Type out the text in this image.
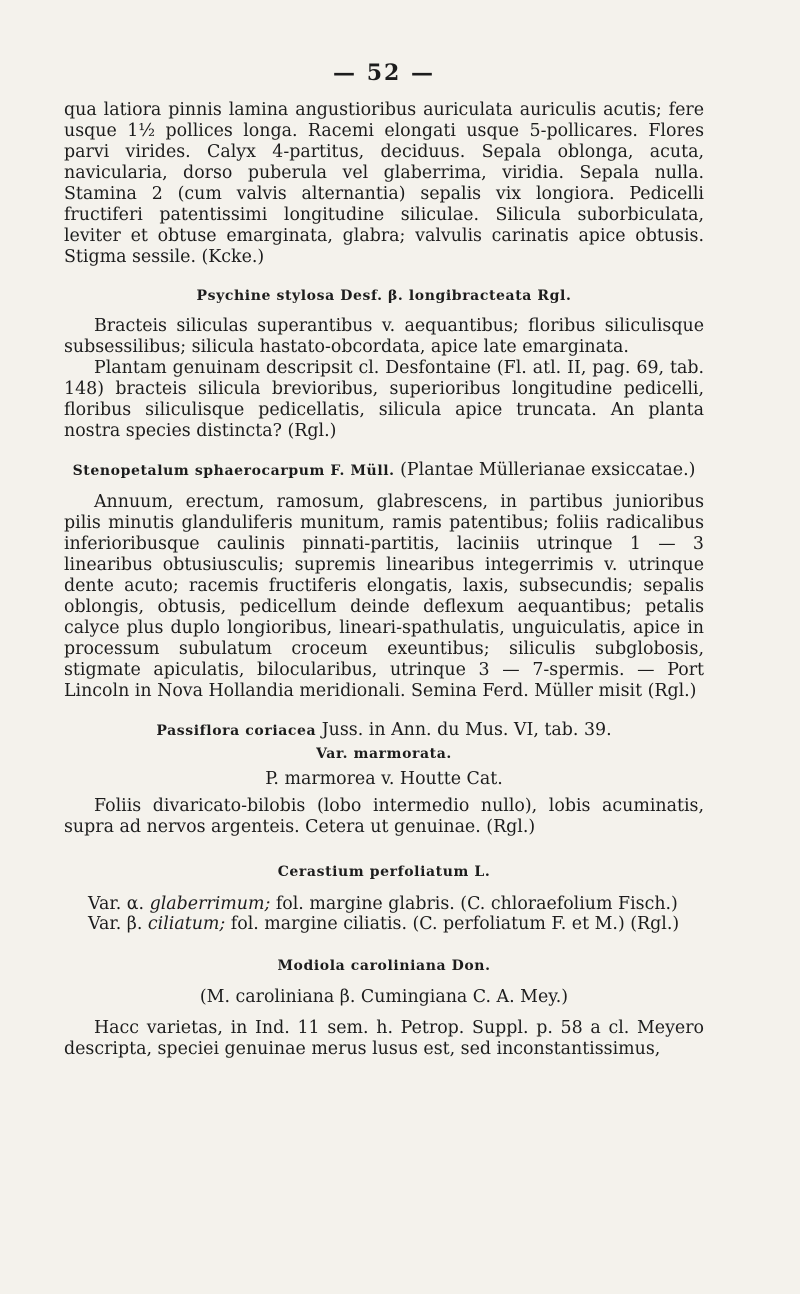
— 52 —

qua latiora pinnis lamina angustioribus auriculata auriculis acutis; fere usque 1½ pollices longa. Racemi elongati usque 5-pollicares. Flores parvi virides. Calyx 4-partitus, deciduus. Sepala oblonga, acuta, navicularia, dorso puberula vel glaberrima, viridia. Sepala nulla. Stamina 2 (cum valvis alternantia) sepalis vix longiora. Pedicelli fructiferi patentissimi longitudine siliculae. Silicula suborbiculata, leviter et obtuse emarginata, glabra; valvulis carinatis apice obtusis. Stigma sessile. (Kcke.)

Psychine stylosa Desf. β. longibracteata Rgl.

Bracteis siliculas superantibus v. aequantibus; floribus siliculisque subsessilibus; silicula hastato-obcordata, apice late emarginata.

Plantam genuinam descripsit cl. Desfontaine (Fl. atl. II, pag. 69, tab. 148) bracteis silicula brevioribus, superioribus longitudine pedicelli, floribus siliculisque pedicellatis, silicula apice truncata. An planta nostra species distincta? (Rgl.)

Stenopetalum sphaerocarpum F. Müll. (Plantae Müllerianae exsiccatae.)

Annuum, erectum, ramosum, glabrescens, in partibus junioribus pilis minutis glanduliferis munitum, ramis patentibus; foliis radicalibus inferioribusque caulinis pinnati-partitis, laciniis utrinque 1 — 3 linearibus obtusiusculis; supremis linearibus integerrimis v. utrinque dente acuto; racemis fructiferis elongatis, laxis, subsecundis; sepalis oblongis, obtusis, pedicellum deinde deflexum aequantibus; petalis calyce plus duplo longioribus, lineari-spathulatis, unguiculatis, apice in processum subulatum croceum exeuntibus; siliculis subglobosis, stigmate apiculatis, bilocularibus, utrinque 3 — 7-spermis. — Port Lincoln in Nova Hollandia meridionali. Semina Ferd. Müller misit (Rgl.)

Passiflora coriacea Juss. in Ann. du Mus. VI, tab. 39.
Var. marmorata.
P. marmorea v. Houtte Cat.

Foliis divaricato-bilobis (lobo intermedio nullo), lobis acuminatis, supra ad nervos argenteis. Cetera ut genuinae. (Rgl.)

Cerastium perfoliatum L.
Var. α. glaberrimum; fol. margine glabris. (C. chloraefolium Fisch.)
Var. β. ciliatum; fol. margine ciliatis. (C. perfoliatum F. et M.) (Rgl.)
Modiola caroliniana Don.
(M. caroliniana β. Cumingiana C. A. Mey.)

Hacc varietas, in Ind. 11 sem. h. Petrop. Suppl. p. 58 a cl. Meyero descripta, speciei genuinae merus lusus est, sed inconstantissimus,
